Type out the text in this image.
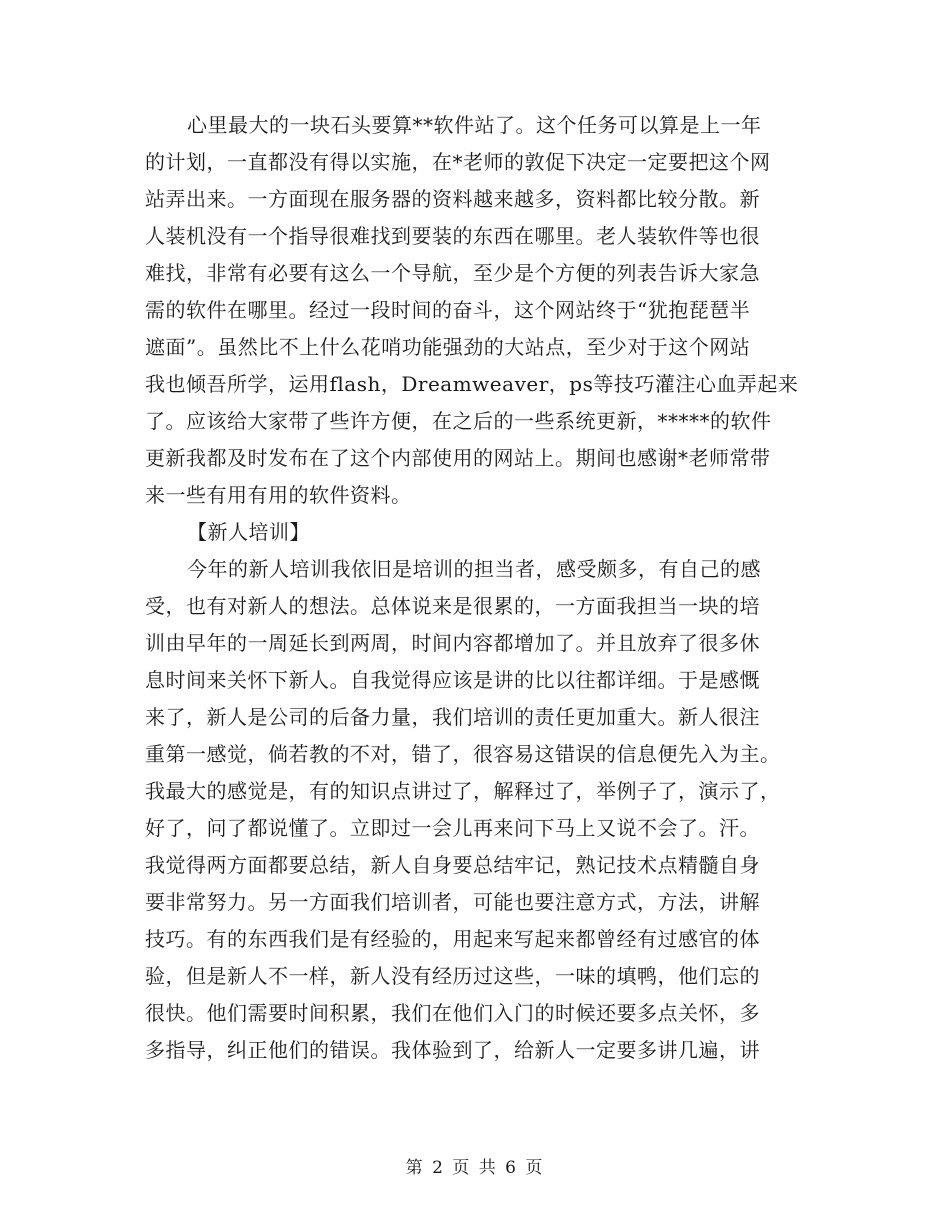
心里最大的一块石头要算**软件站了。这个任务可以算是上一年
的计划，一直都没有得以实施，在*老师的敦促下决定一定要把这个网
站弄出来。一方面现在服务器的资料越来越多，资料都比较分散。新
人装机没有一个指导很难找到要装的东西在哪里。老人装软件等也很
难找，非常有必要有这么一个导航，至少是个方便的列表告诉大家急
需的软件在哪里。经过一段时间的奋斗，这个网站终于“犹抱琵琶半
遮面”。虽然比不上什么花哨功能强劲的大站点，至少对于这个网站
我也倾吾所学，运用flash，Dreamweaver，ps等技巧灌注心血弄起来
了。应该给大家带了些许方便，在之后的一些系统更新，*****的软件
更新我都及时发布在了这个内部使用的网站上。期间也感谢*老师常带
来一些有用有用的软件资料。
【新人培训】
今年的新人培训我依旧是培训的担当者，感受颇多，有自己的感
受，也有对新人的想法。总体说来是很累的，一方面我担当一块的培
训由早年的一周延长到两周，时间内容都增加了。并且放弃了很多休
息时间来关怀下新人。自我觉得应该是讲的比以往都详细。于是感慨
来了，新人是公司的后备力量，我们培训的责任更加重大。新人很注
重第一感觉，倘若教的不对，错了，很容易这错误的信息便先入为主。
我最大的感觉是，有的知识点讲过了，解释过了，举例子了，演示了，
好了，问了都说懂了。立即过一会儿再来问下马上又说不会了。汗。
我觉得两方面都要总结，新人自身要总结牢记，熟记技术点精髓自身
要非常努力。另一方面我们培训者，可能也要注意方式，方法，讲解
技巧。有的东西我们是有经验的，用起来写起来都曾经有过感官的体
验，但是新人不一样，新人没有经历过这些，一味的填鸭，他们忘的
很快。他们需要时间积累，我们在他们入门的时候还要多点关怀，多
多指导，纠正他们的错误。我体验到了，给新人一定要多讲几遍，讲
第 2 页 共 6 页
